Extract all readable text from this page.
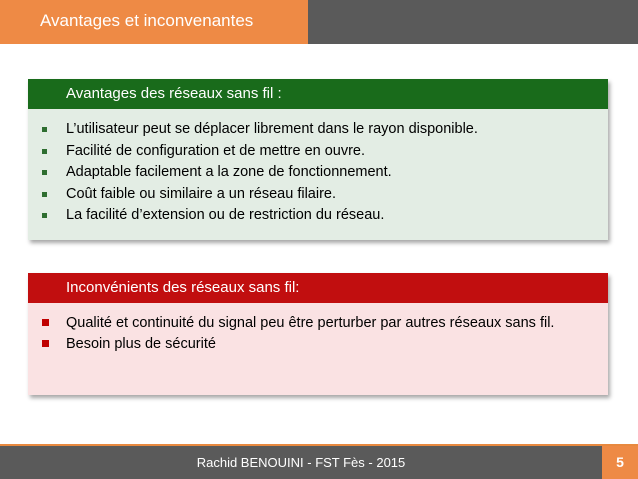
Avantages et inconvenantes
Avantages des réseaux sans fil :
L’utilisateur peut se déplacer librement dans le rayon disponible.
Facilité de configuration et de mettre en ouvre.
Adaptable facilement a la zone de fonctionnement.
Coût faible ou similaire a un réseau filaire.
La facilité d’extension ou de restriction du réseau.
Inconvénients des réseaux sans fil:
Qualité et continuité du signal peu être perturber par autres réseaux sans fil.
Besoin plus de sécurité
Rachid BENOUINI - FST Fès - 2015	5
